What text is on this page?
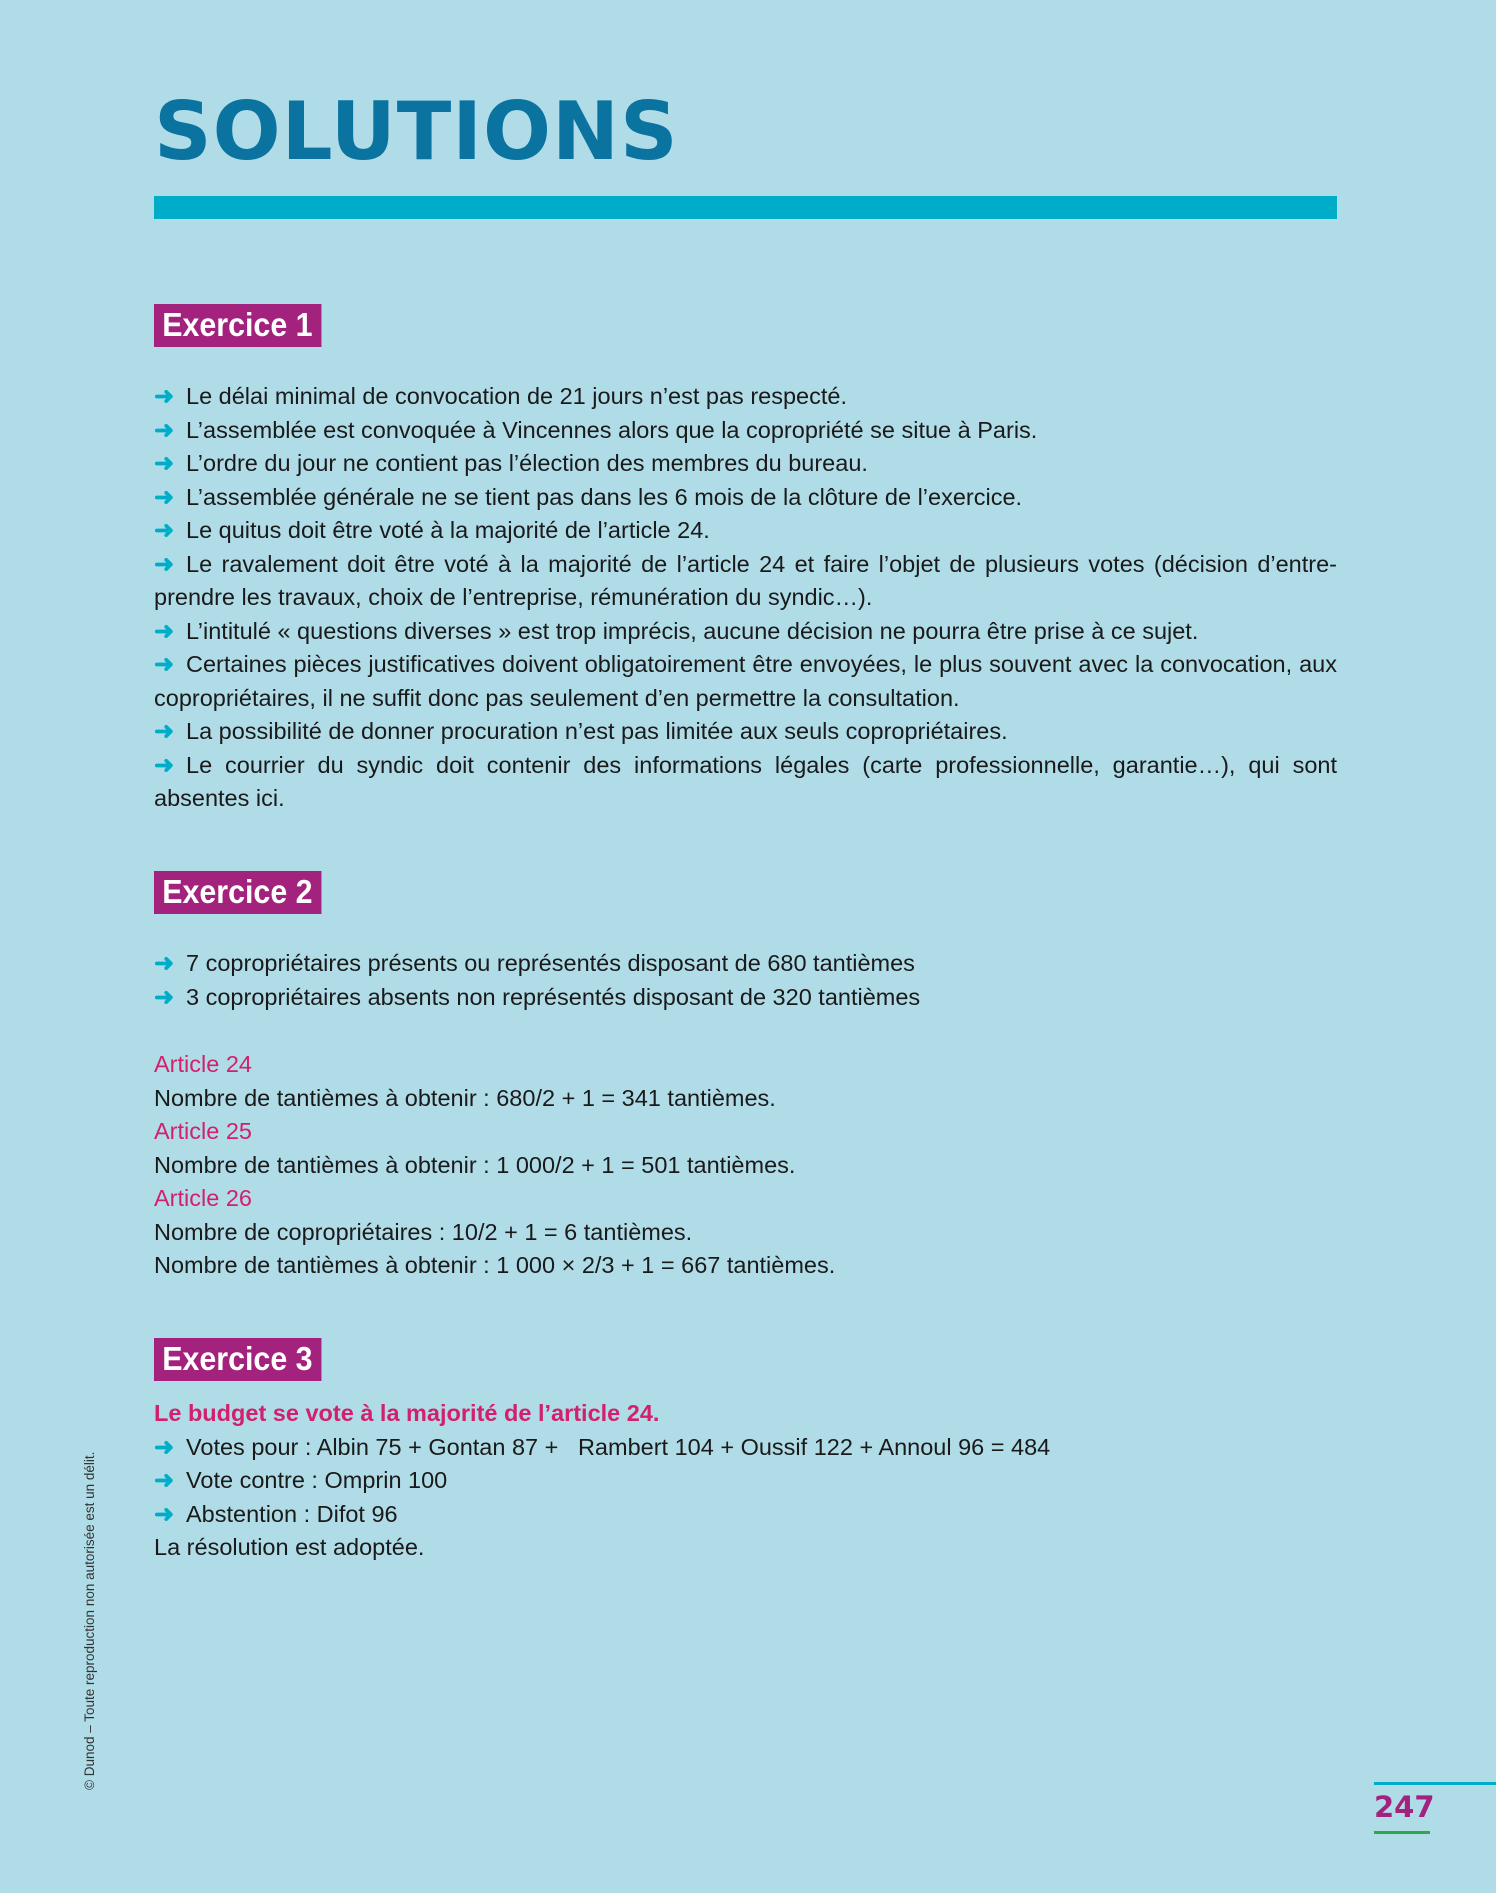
SOLUTIONS
Exercice 1

➜ Le délai minimal de convocation de 21 jours n’est pas respecté.

➜ L’assemblée est convoquée à Vincennes alors que la copropriété se situe à Paris.

➜ L’ordre du jour ne contient pas l’élection des membres du bureau.

➜ L’assemblée générale ne se tient pas dans les 6 mois de la clôture de l’exercice.

➜ Le quitus doit être voté à la majorité de l’article 24.

➜ Le ravalement doit être voté à la majorité de l’article 24 et faire l’objet de plusieurs votes (décision d’entreprendre les travaux, choix de l’entreprise, rémunération du syndic…).

➜ L’intitulé « questions diverses » est trop imprécis, aucune décision ne pourra être prise à ce sujet.

➜ Certaines pièces justificatives doivent obligatoirement être envoyées, le plus souvent avec la convocation, aux copropriétaires, il ne suffit donc pas seulement d’en permettre la consultation.

➜ La possibilité de donner procuration n’est pas limitée aux seuls copropriétaires.

➜ Le courrier du syndic doit contenir des informations légales (carte professionnelle, garantie…), qui sont absentes ici.

Exercice 2

➜ 7 copropriétaires présents ou représentés disposant de 680 tantièmes

➜ 3 copropriétaires absents non représentés disposant de 320 tantièmes

Article 24

Nombre de tantièmes à obtenir : 680/2 + 1 = 341 tantièmes.

Article 25

Nombre de tantièmes à obtenir : 1 000/2 + 1 = 501 tantièmes.

Article 26

Nombre de copropriétaires : 10/2 + 1 = 6 tantièmes.

Nombre de tantièmes à obtenir : 1 000 × 2/3 + 1 = 667 tantièmes.

Exercice 3

Le budget se vote à la majorité de l’article 24.

➜ Votes pour : Albin 75 + Gontan 87 +   Rambert 104 + Oussif 122 + Annoul 96 = 484

➜ Vote contre : Omprin 100

➜ Abstention : Difot 96

La résolution est adoptée.

© Dunod – Toute reproduction non autorisée est un délit.
247
